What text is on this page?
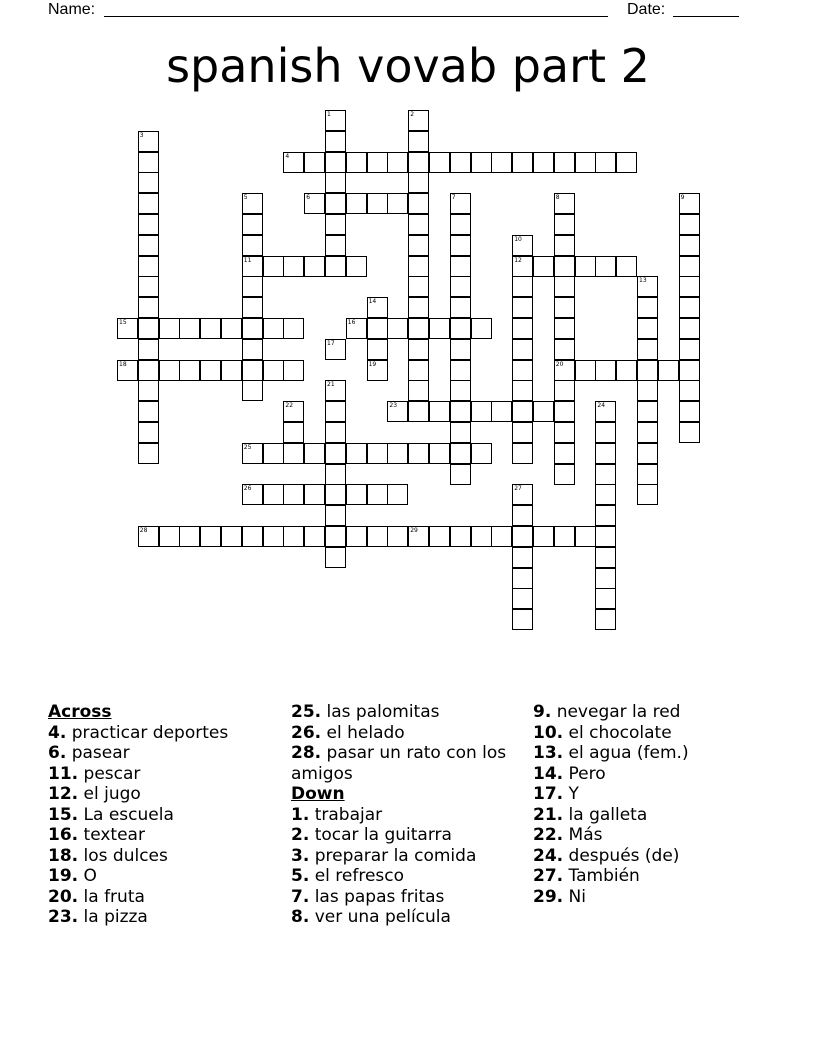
Name:	Date:
spanish vovab part 2
4
6
11	12
15	16
18	19	20
23
25
26
28	29
1	2
3
5	7	8	9
10
13
14
17
21
22	24
27
Across
4. practicar deportes
6. pasear
11. pescar
12. el jugo
15. La escuela
16. textear
18. los dulces
19. O
20. la fruta
23. la pizza
25. las palomitas
26. el helado
28. pasar un rato con los amigos
Down
1. trabajar
2. tocar la guitarra
3. preparar la comida
5. el refresco
7. las papas fritas
8. ver una película
9. nevegar la red
10. el chocolate
13. el agua (fem.)
14. Pero
17. Y
21. la galleta
22. Más
24. después (de)
27. También
29. Ni
